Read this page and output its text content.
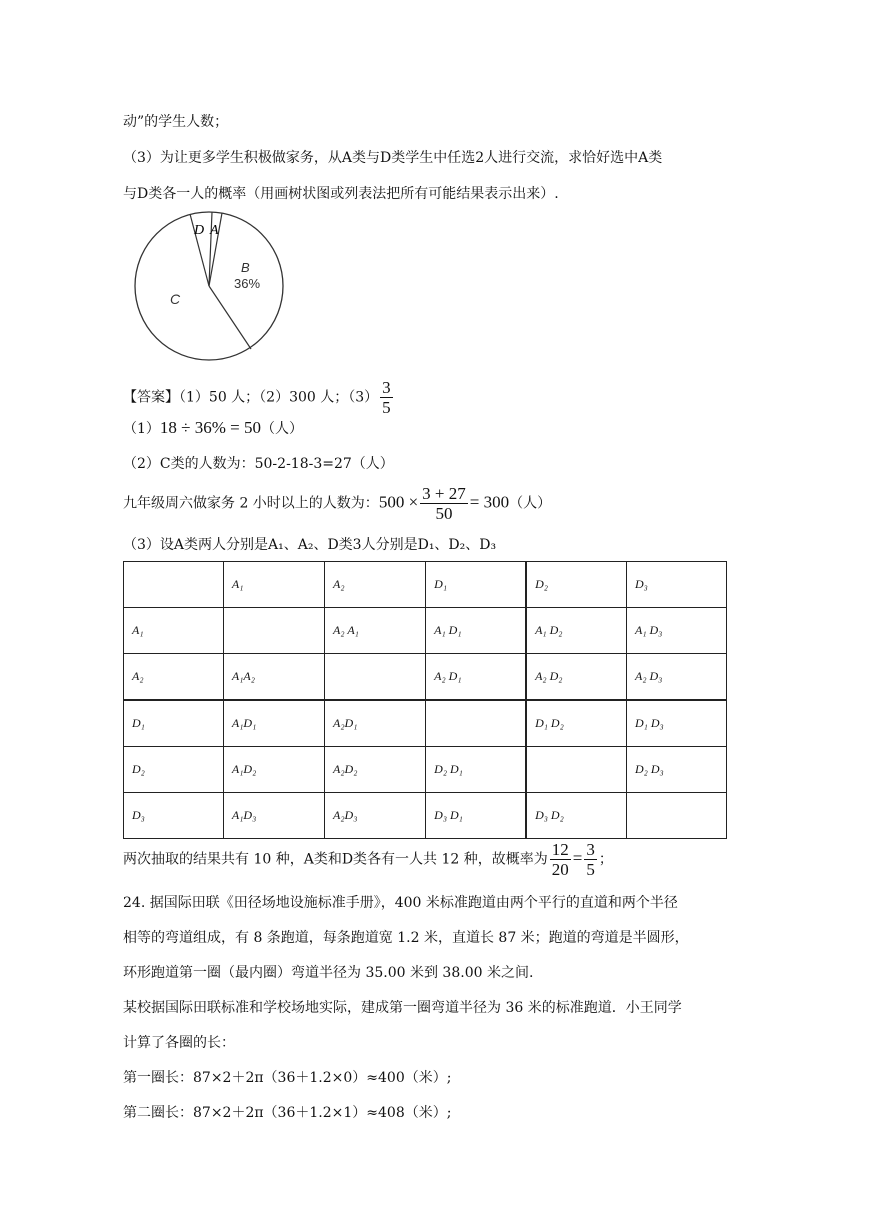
动”的学生人数；
（3）为让更多学生积极做家务，从A类与D类学生中任选2人进行交流，求恰好选中A类
与D类各一人的概率（用画树状图或列表法把所有可能结果表示出来）.
D A
B
36%
C
【答案】（1）50 人；（2）300 人；$(3) \frac{3}{5}$
（1）18 ÷ 36% = 50（人）
（2）C类的人数为：50-2-18-3=27（人）
九年级周六做家务 2 小时以上的人数为：$500 \times \frac{3 + 27}{50} = 300$（人）
（3）设A类两人分别是A₁、A₂、D类3人分别是D₁、D₂、D₃
	A₁	A₂	D₁	D₂	D₃
A₁		A₂ A₁	A₁ D₁	A₁ D₂	A₁ D₃
A₂	A₁A₂		A₂ D₁	A₂ D₂	A₂ D₃
D₁	A₁D₁	A₂D₁		D₁ D₂	D₁ D₃
D₂	A₁D₂	A₂D₂	D₂ D₁		D₂ D₃
D₃	A₁D₃	A₂D₃	D₃ D₁	D₃ D₂	
两次抽取的结果共有 10 种，A类和D类各有一人共 12 种，故概率为 $\frac{12}{20} = \frac{3}{5}$ ；
24. 据国际田联《田径场地设施标准手册》，400 米标准跑道由两个平行的直道和两个半径
相等的弯道组成，有 8 条跑道，每条跑道宽 1.2 米，直道长 87 米；跑道的弯道是半圆形，
环形跑道第一圈（最内圈）弯道半径为 35.00 米到 38.00 米之间.
某校据国际田联标准和学校场地实际，建成第一圈弯道半径为 36 米的标准跑道．小王同学
计算了各圈的长：
第一圈长：87×2＋2π（36＋1.2×0）≈400（米）;
第二圈长：87×2＋2π（36＋1.2×1）≈408（米）;
